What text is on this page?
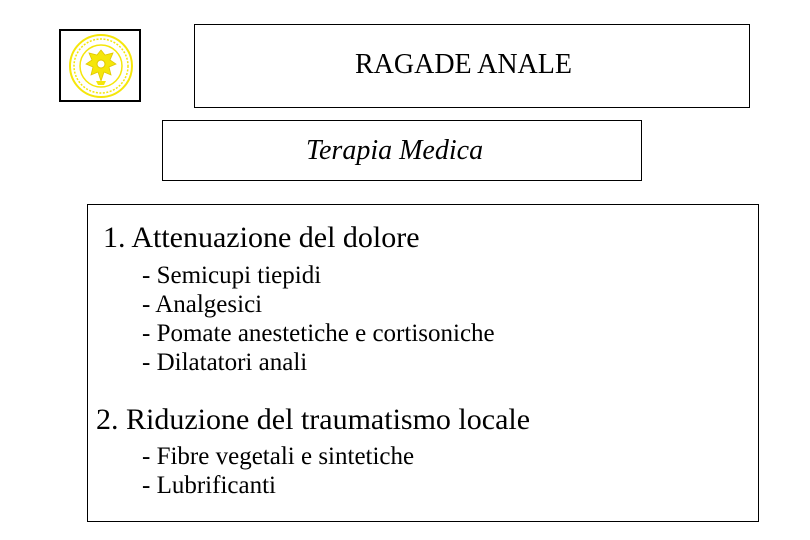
RAGADE ANALE
Terapia Medica
1. Attenuazione del dolore
- Semicupi tiepidi
- Analgesici
- Pomate anestetiche e cortisoniche
- Dilatatori anali
2. Riduzione del traumatismo locale
- Fibre vegetali e sintetiche
- Lubrificanti
